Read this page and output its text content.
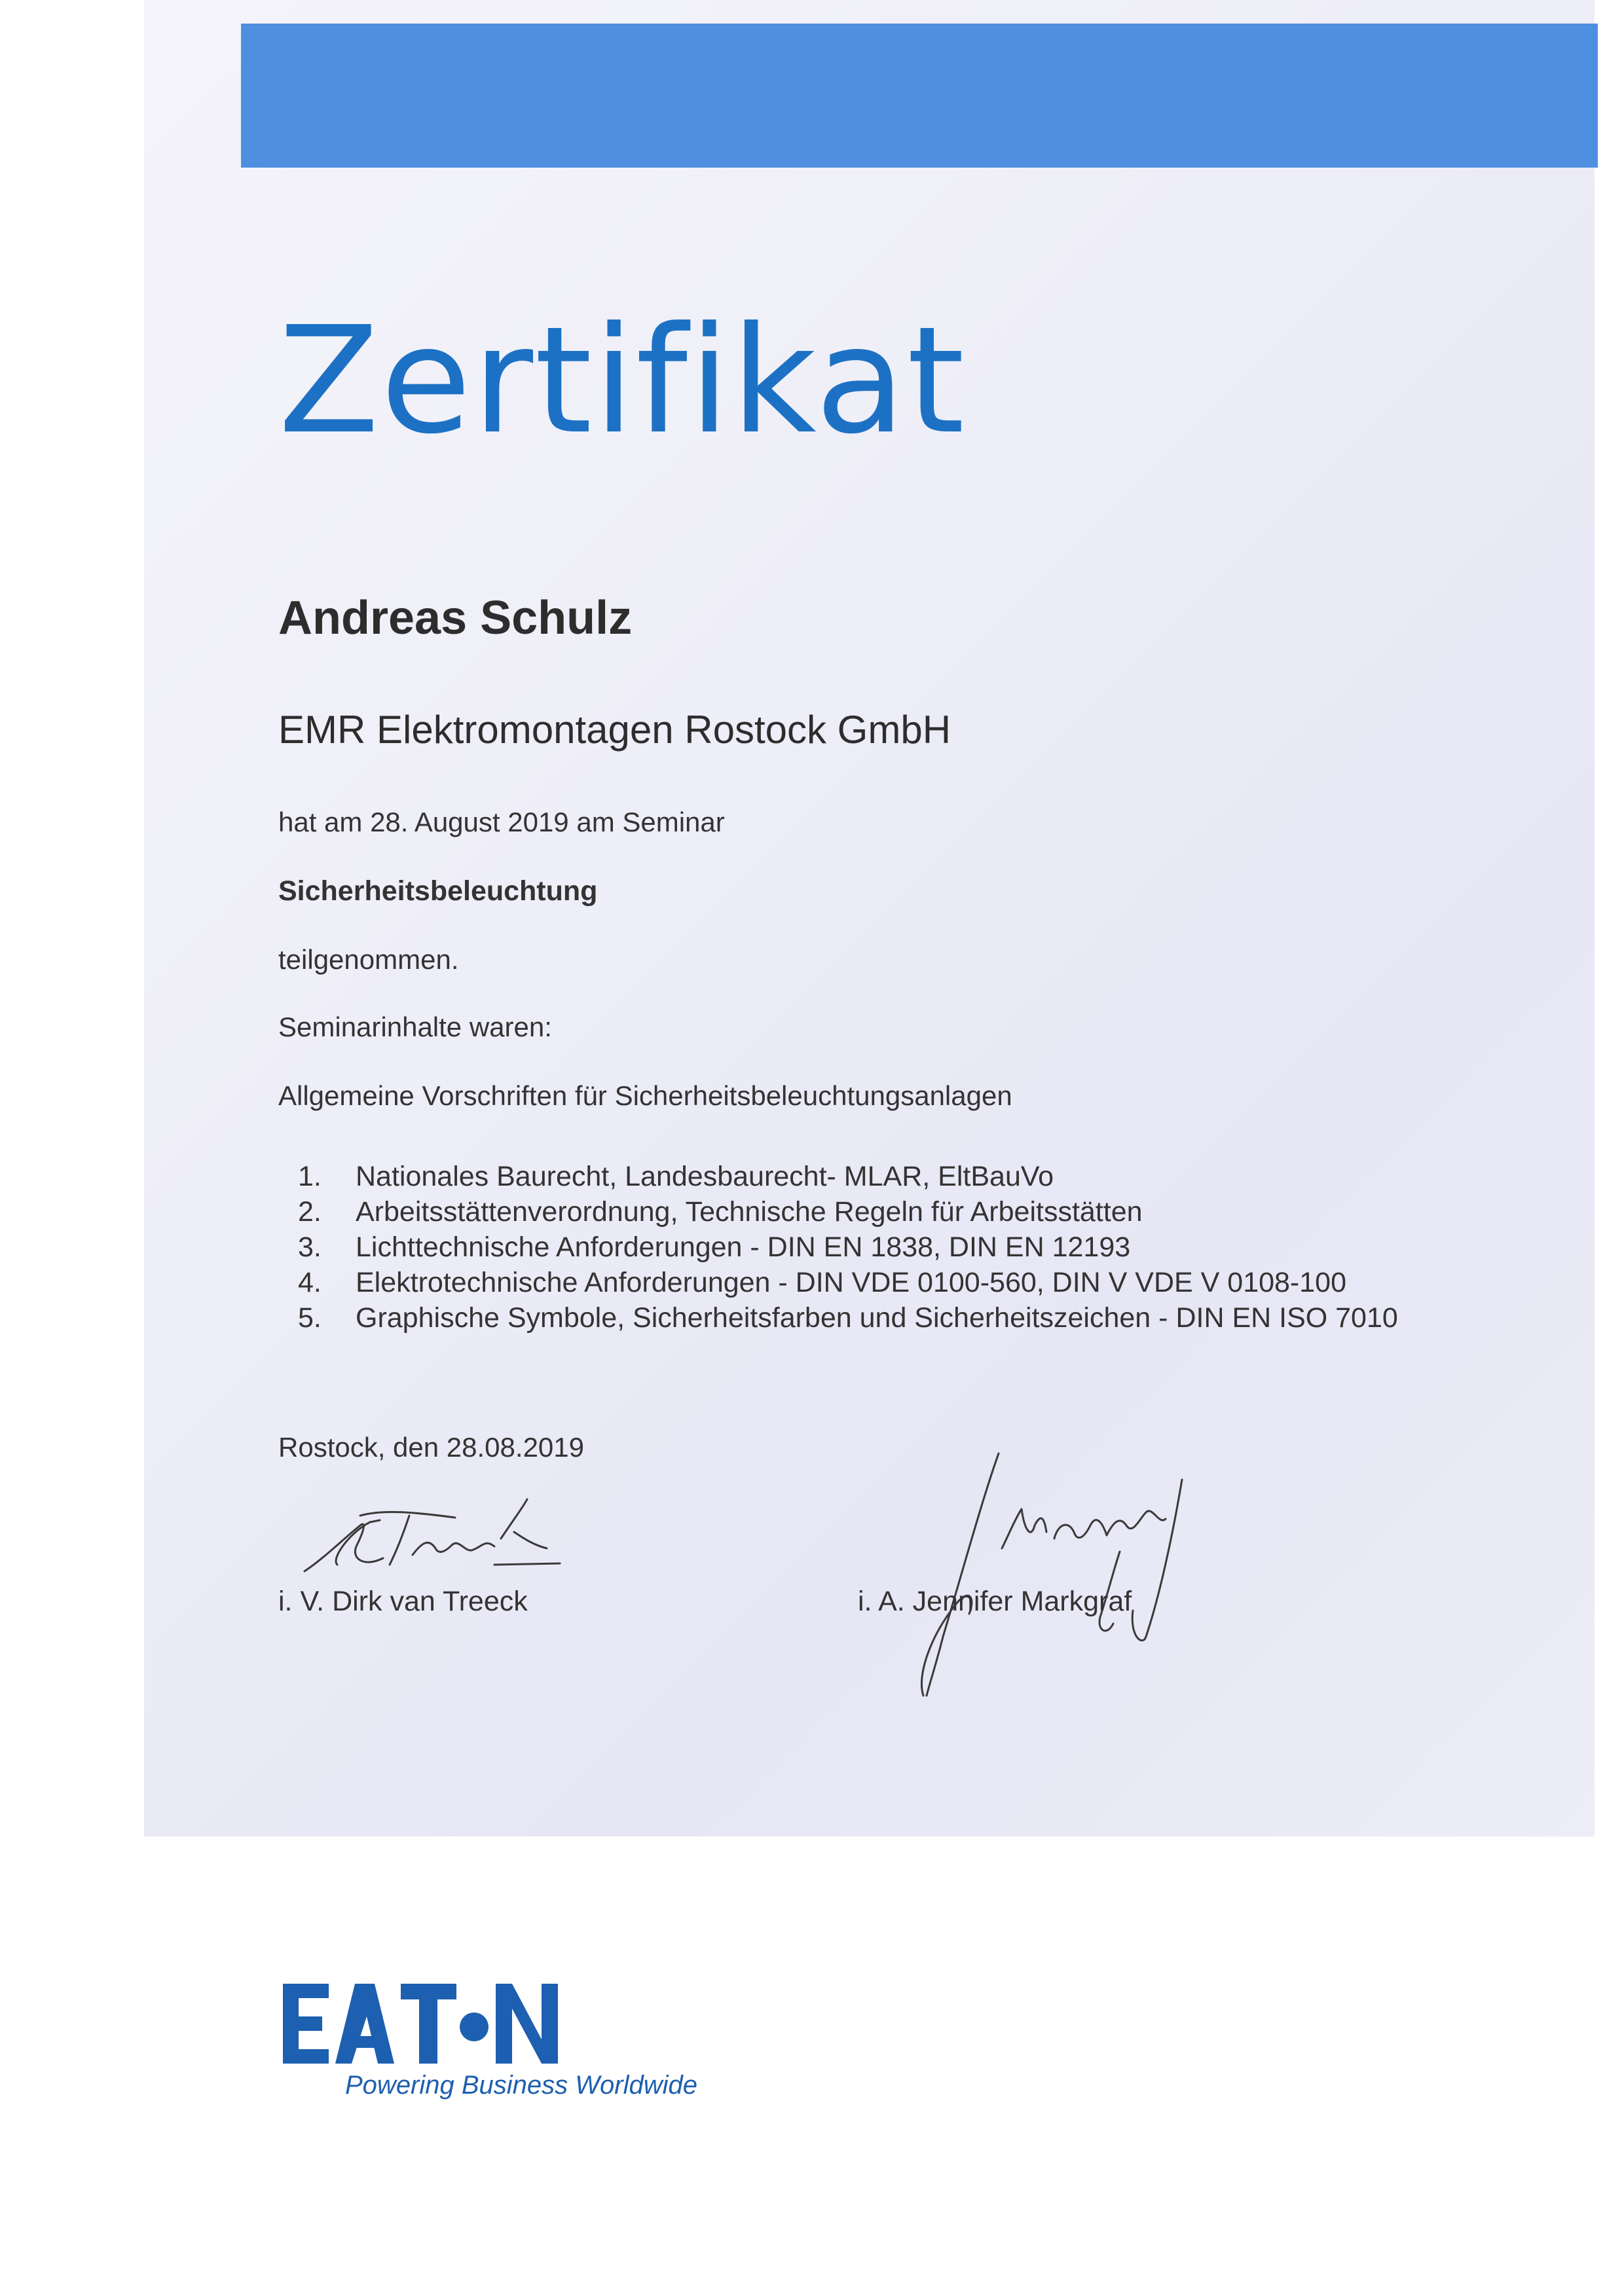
Zertifikat
Andreas Schulz
EMR Elektromontagen Rostock GmbH
hat am 28. August 2019 am Seminar
Sicherheitsbeleuchtung
teilgenommen.
Seminarinhalte waren:
Allgemeine Vorschriften für Sicherheitsbeleuchtungsanlagen
1. Nationales Baurecht, Landesbaurecht- MLAR, EltBauVo
2. Arbeitsstättenverordnung, Technische Regeln für Arbeitsstätten
3. Lichttechnische Anforderungen - DIN EN 1838, DIN EN 12193
4. Elektrotechnische Anforderungen - DIN VDE 0100-560, DIN V VDE V 0108-100
5. Graphische Symbole, Sicherheitsfarben und Sicherheitszeichen - DIN EN ISO 7010
Rostock, den 28.08.2019
i. V. Dirk van Treeck	i. A. Jennifer Markgraf
Powering Business Worldwide
